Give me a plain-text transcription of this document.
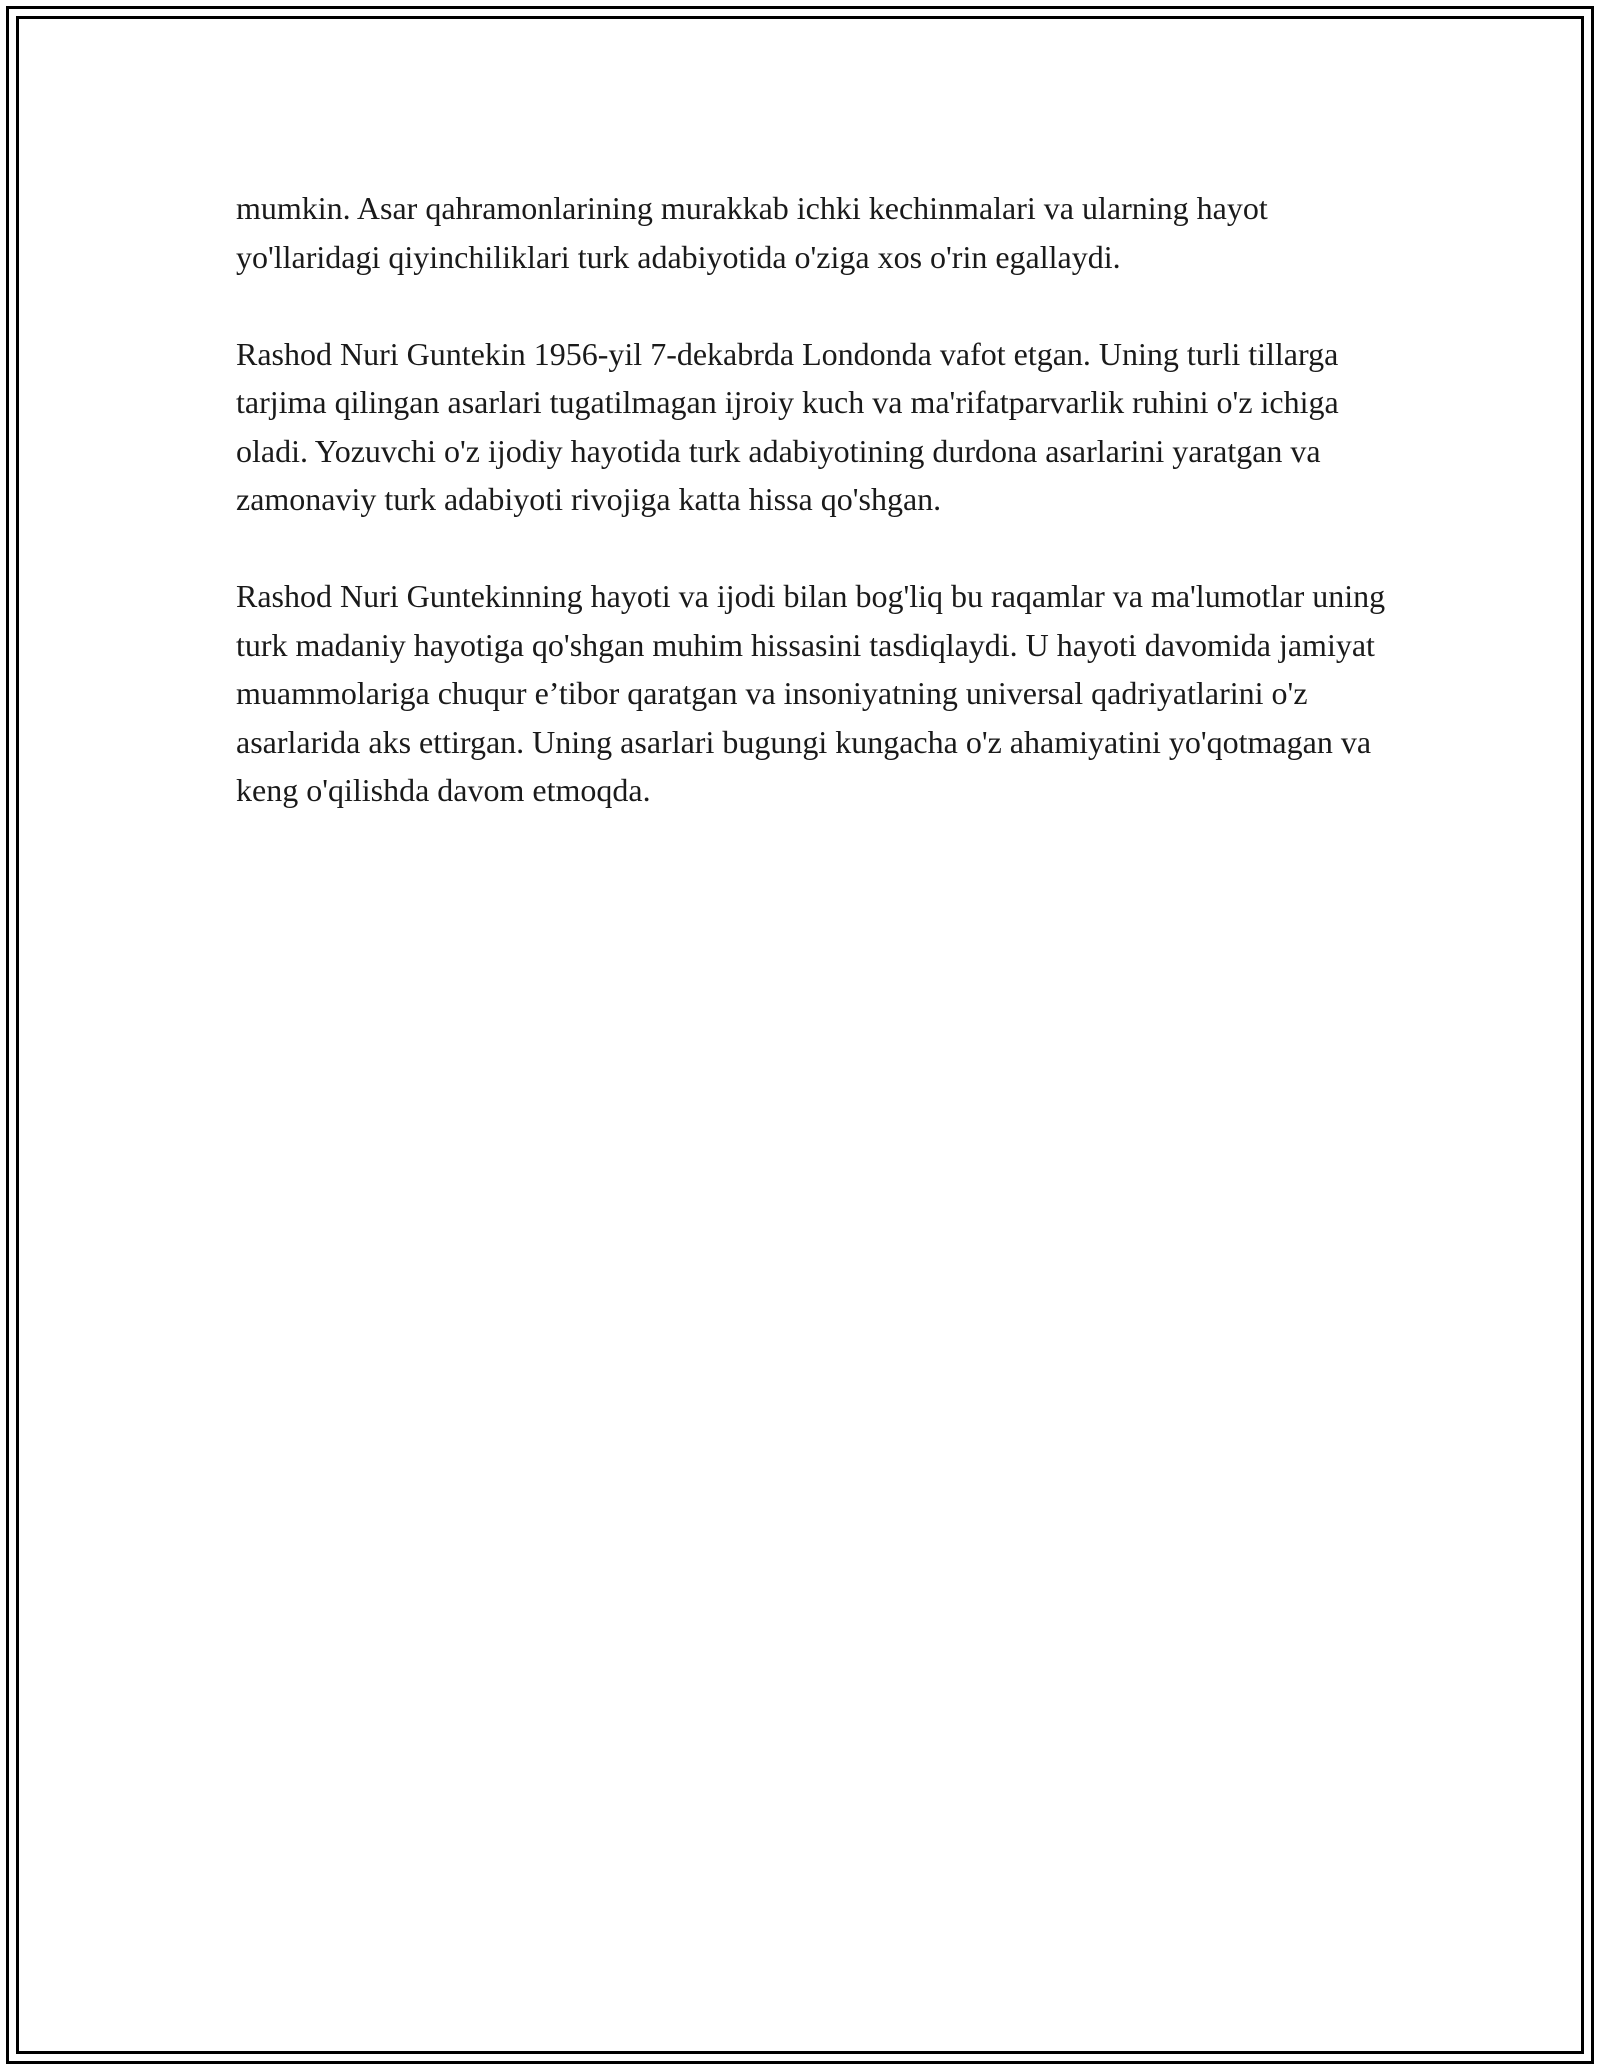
mumkin. Asar qahramonlarining murakkab ichki kechinmalari va ularning hayot yo'llaridagi qiyinchiliklari turk adabiyotida o'ziga xos o'rin egallaydi.

Rashod Nuri Guntekin 1956-yil 7-dekabrda Londonda vafot etgan. Uning turli tillarga tarjima qilingan asarlari tugatilmagan ijroiy kuch va ma'rifatparvarlik ruhini o'z ichiga oladi. Yozuvchi o'z ijodiy hayotida turk adabiyotining durdona asarlarini yaratgan va zamonaviy turk adabiyoti rivojiga katta hissa qo'shgan.

Rashod Nuri Guntekinning hayoti va ijodi bilan bog'liq bu raqamlar va ma'lumotlar uning turk madaniy hayotiga qo'shgan muhim hissasini tasdiqlaydi. U hayoti davomida jamiyat muammolariga chuqur e’tibor qaratgan va insoniyatning universal qadriyatlarini o'z asarlarida aks ettirgan. Uning asarlari bugungi kungacha o'z ahamiyatini yo'qotmagan va keng o'qilishda davom etmoqda.
